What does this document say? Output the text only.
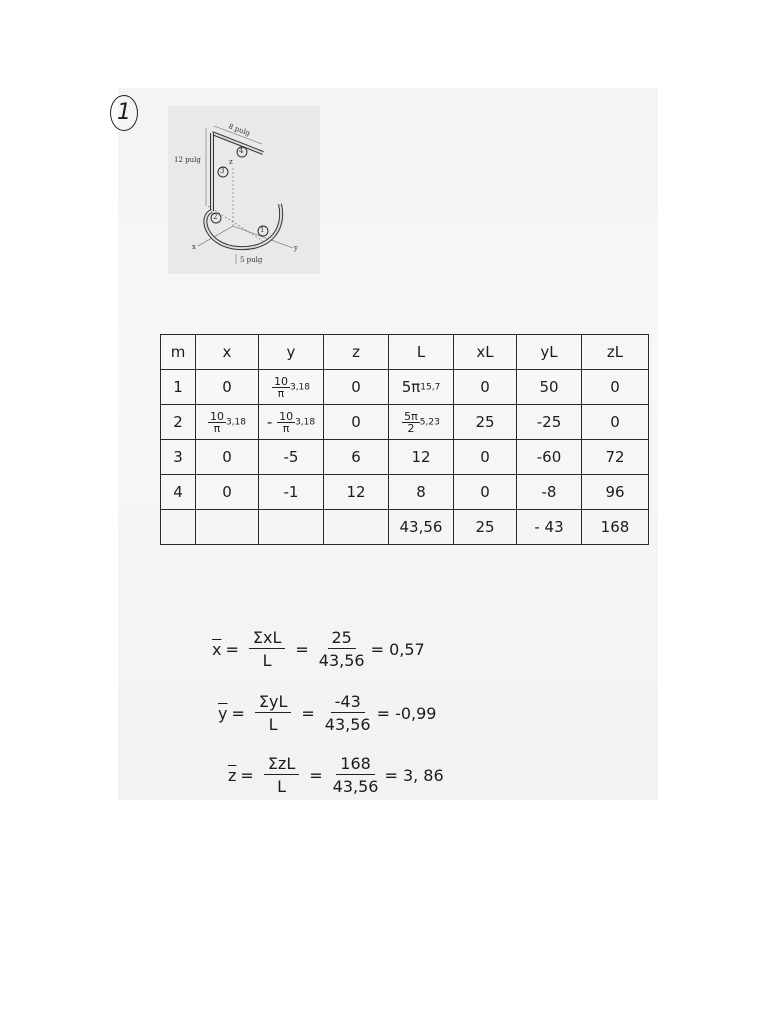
1
8 pulg
12 pulg
5 pulg
x	y
z
4
3
2
1
m	x	y	z	L	xL	yL	zL
1	0	$\frac{10}{\pi} 3,18$	0	5π15,7	0	50	0
2	$\frac{10}{\pi} 3,18$	- $\frac{10}{\pi} 3,18$	0	$\frac{5\pi}{2} 5,23$	25	-25	0
3	0	-5	6	12	0	-60	72
4	0	-1	12	8	0	-8	96
				43,56	25	- 43	168
$\overline{x}$ =
ΣxL
L
= $\frac{25}{43,56} = 0,57$
$\overline{y}$ =
ΣyL
L
= $\frac{-43}{43,56} = -0,99$
$\overline{z}$ =
ΣzL
L
= $\frac{168}{43,56} = 3$, 86
